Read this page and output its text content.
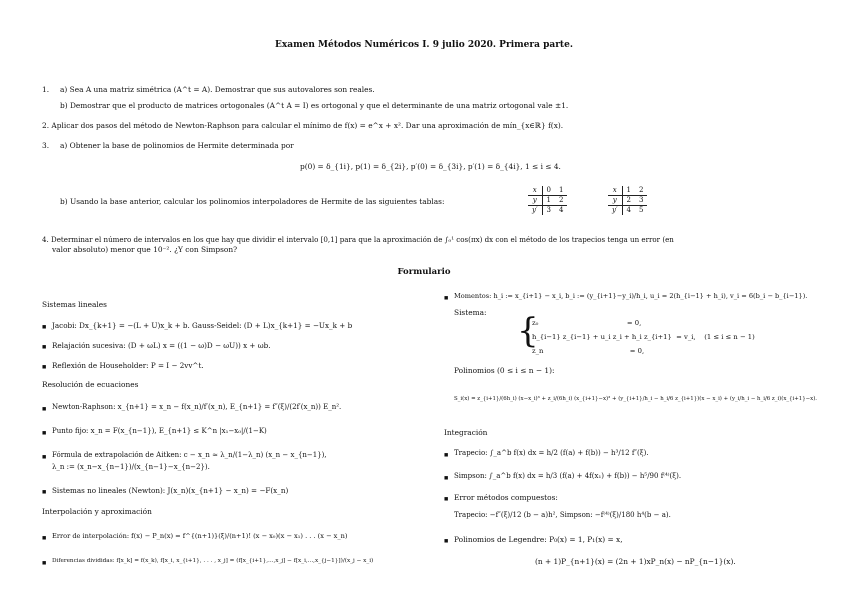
Examen Métodos Numéricos I. 9 julio 2020. Primera parte.
1. a) Sea A una matriz simétrica (A^t = A). Demostrar que sus autovalores son reales.
b) Demostrar que el producto de matrices ortogonales (A^t A = I) es ortogonal y que el determinante de una matriz ortogonal vale ±1.
2. Aplicar dos pasos del método de Newton-Raphson para calcular el mínimo de f(x) = e^x + x². Dar una aproximación de mín_{x∈ℝ} f(x).
3. a) Obtener la base de polinomios de Hermite determinada por
p(0) = δ_{1i}, p(1) = δ_{2i}, p′(0) = δ_{3i}, p′(1) = δ_{4i}, 1 ≤ i ≤ 4.
b) Usando la base anterior, calcular los polinomios interpoladores de Hermite de las siguientes tablas:
x	0	1
y	1	2
y′	3	4
x	1	2
y	2	3
y′	4	5
4. Determinar el número de intervalos en los que hay que dividir el intervalo [0,1] para que la aproximación de ∫₀¹ cos(πx) dx con el método de los trapecios tenga un error (en
valor absoluto) menor que 10⁻². ¿Y con Simpson?
Formulario
Sistemas lineales
■ Jacobi: Dx_{k+1} = −(L + U)x_k + b. Gauss-Seidel: (D + L)x_{k+1} = −Ux_k + b
■ Relajación sucesiva: (D + ωL) x = ((1 − ω)D − ωU)) x + ωb.
■ Reflexión de Householder: P = I − 2vv^t.
Resolución de ecuaciones
■ Newton-Raphson: x_{n+1} = x_n − f(x_n)/f′(x_n), E_{n+1} = f″(ξ)/(2f′(x_n)) E_n².
■ Punto fijo: x_n = F(x_{n−1}), E_{n+1} ≤ K^n |x₁−x₀|/(1−K)
■ Fórmula de extrapolación de Aitken: c − x_n ≈ λ_n/(1−λ_n) (x_n − x_{n−1}),
λ_n := (x_n−x_{n−1})/(x_{n−1}−x_{n−2}).
■ Sistemas no lineales (Newton): J(x_n)(x_{n+1} − x_n) = −F(x_n)
Interpolación y aproximación
■ Error de interpolación: f(x) − P_n(x) = f^{(n+1)}(ξ)/(n+1)! (x − x₀)(x − x₁) . . . (x − x_n)
■ Diferencias divididas: f[x_k] = f(x_k), f[x_i, x_{i+1}, . . . , x_j] = (f[x_{i+1},...,x_j] − f[x_i,...,x_{j−1}])/(x_j − x_i)
■ Momentos: h_i := x_{i+1} − x_i, b_i := (y_{i+1}−y_i)/h_i, u_i = 2(h_{i−1} + h_i), v_i = 6(b_i − b_{i−1}).
Sistema: {
z₀                                         = 0,
h_{i−1} z_{i−1} + u_i z_i + h_i z_{i+1}  = v_i,    (1 ≤ i ≤ n − 1)
z_n                                        = 0,
Polinomios (0 ≤ i ≤ n − 1):
S_i(x) = z_{i+1}/(6h_i) (x−x_i)³ + z_i/(6h_i) (x_{i+1}−x)³ + (y_{i+1}/h_i − h_i/6 z_{i+1})(x − x_i) + (y_i/h_i − h_i/6 z_i)(x_{i+1}−x).
Integración
■ Trapecio: ∫_a^b f(x) dx = h/2 (f(a) + f(b)) − h³/12 f″(ξ).
■ Simpson: ∫_a^b f(x) dx = h/3 (f(a) + 4f(x₁) + f(b)) − h⁵/90 f⁽⁴⁾(ξ).
■ Error métodos compuestos:
Trapecio: −f″(ξ)/12 (b − a)h², Simpson: −f⁽⁴⁾(ξ)/180 h⁴(b − a).
■ Polinomios de Legendre: P₀(x) = 1, P₁(x) = x,
(n + 1)P_{n+1}(x) = (2n + 1)xP_n(x) − nP_{n−1}(x).
